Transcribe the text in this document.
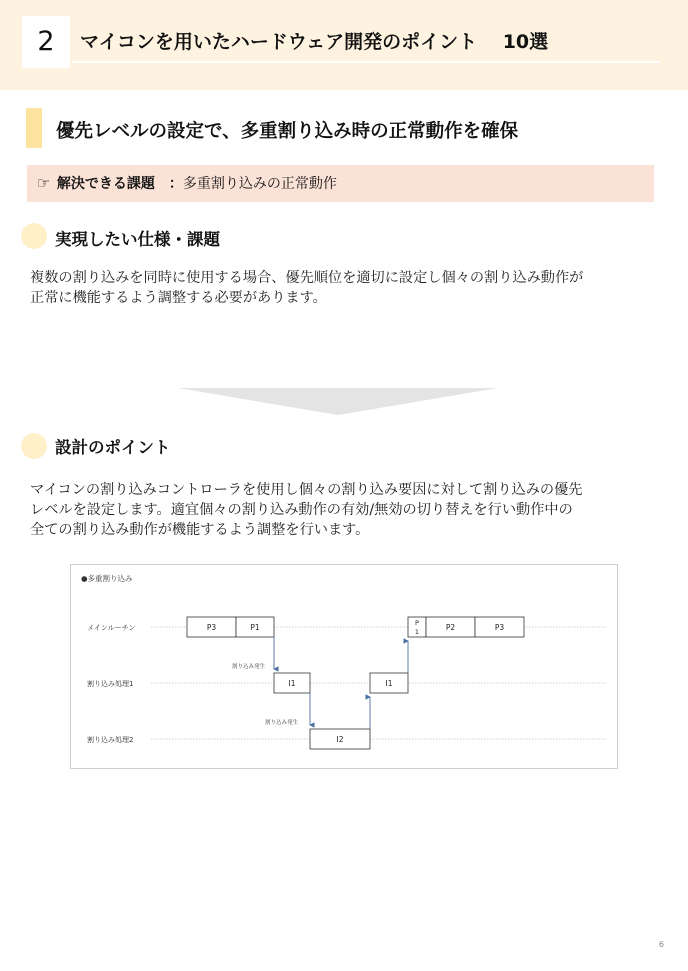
2	マイコンを用いたハードウェア開発のポイント　 10選
優先レベルの設定で、多重割り込み時の正常動作を確保
☞ 解決できる課題　：多重割り込みの正常動作
実現したい仕様・課題
複数の割り込みを同時に使用する場合、優先順位を適切に設定し個々の割り込み動作が
正常に機能するよう調整する必要があります。
設計のポイント
マイコンの割り込みコントローラを使用し個々の割り込み要因に対して割り込みの優先
レベルを設定します。適宜個々の割り込み動作の有効/無効の切り替えを行い動作中の
全ての割り込み動作が機能するよう調整を行います。
●多重割り込み
メインルーチン
割り込み処理1
割り込み処理2
P3	P1
割り込み発生
I1
割り込み発生
I2
I1
P
1	P2	P3
6
